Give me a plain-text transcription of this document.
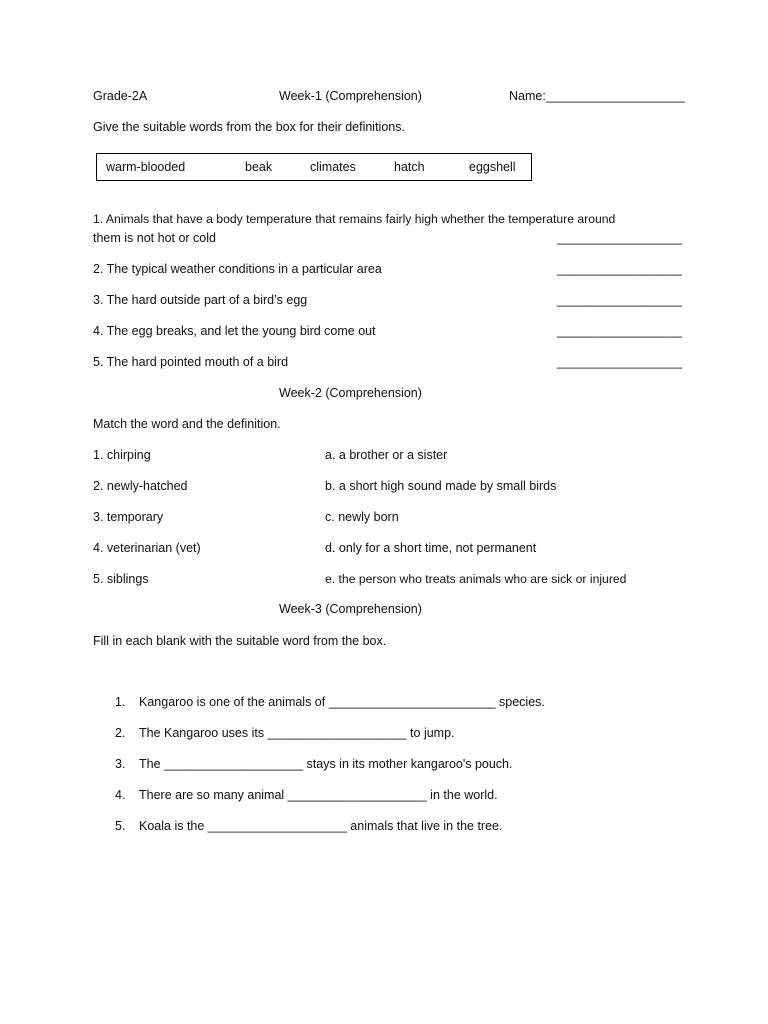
Grade-2A	Week-1 (Comprehension)	Name:____________________
Give the suitable words from the box for their definitions.
warm-blooded	beak	climates	hatch	eggshell
1. Animals that have a body temperature that remains fairly high whether the temperature around
them is not hot or cold	__________________
2. The typical weather conditions in a particular area	__________________
3. The hard outside part of a bird’s egg	__________________
4. The egg breaks, and let the young bird come out	__________________
5. The hard pointed mouth of a bird	__________________
Week-2 (Comprehension)
Match the word and the definition.
1. chirping	a. a brother or a sister
2. newly-hatched	b. a short high sound made by small birds
3. temporary	c. newly born
4. veterinarian (vet)	d. only for a short time, not permanent
5. siblings	e. the person who treats animals who are sick or injured
Week-3 (Comprehension)
Fill in each blank with the suitable word from the box.
1. Kangaroo is one of the animals of ________________________ species.
2. The Kangaroo uses its ____________________ to jump.
3. The ____________________ stays in its mother kangaroo's pouch.
4. There are so many animal ____________________ in the world.
5. Koala is the ____________________ animals that live in the tree.
